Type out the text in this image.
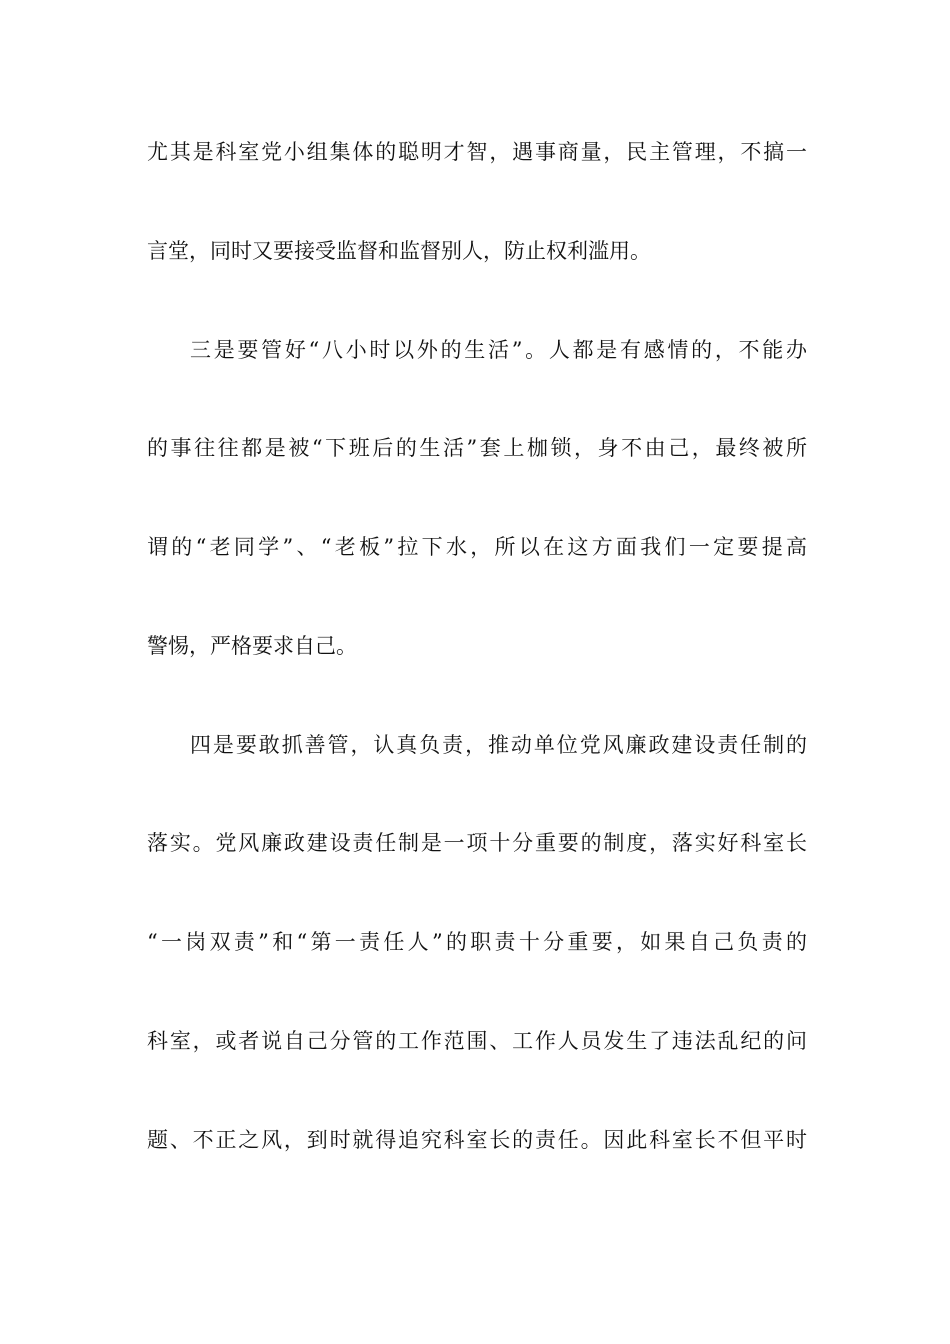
尤其是科室党小组集体的聪明才智，遇事商量，民主管理，不搞一

言堂，同时又要接受监督和监督别人，防止权利滥用。

三是要管好“八小时以外的生活”。人都是有感情的，不能办

的事往往都是被“下班后的生活”套上枷锁，身不由己，最终被所

谓的“老同学”、“老板”拉下水，所以在这方面我们一定要提高

警惕，严格要求自己。

四是要敢抓善管，认真负责，推动单位党风廉政建设责任制的

落实。党风廉政建设责任制是一项十分重要的制度，落实好科室长

“一岗双责”和“第一责任人”的职责十分重要，如果自己负责的

科室，或者说自己分管的工作范围、工作人员发生了违法乱纪的问

题、不正之风，到时就得追究科室长的责任。因此科室长不但平时
